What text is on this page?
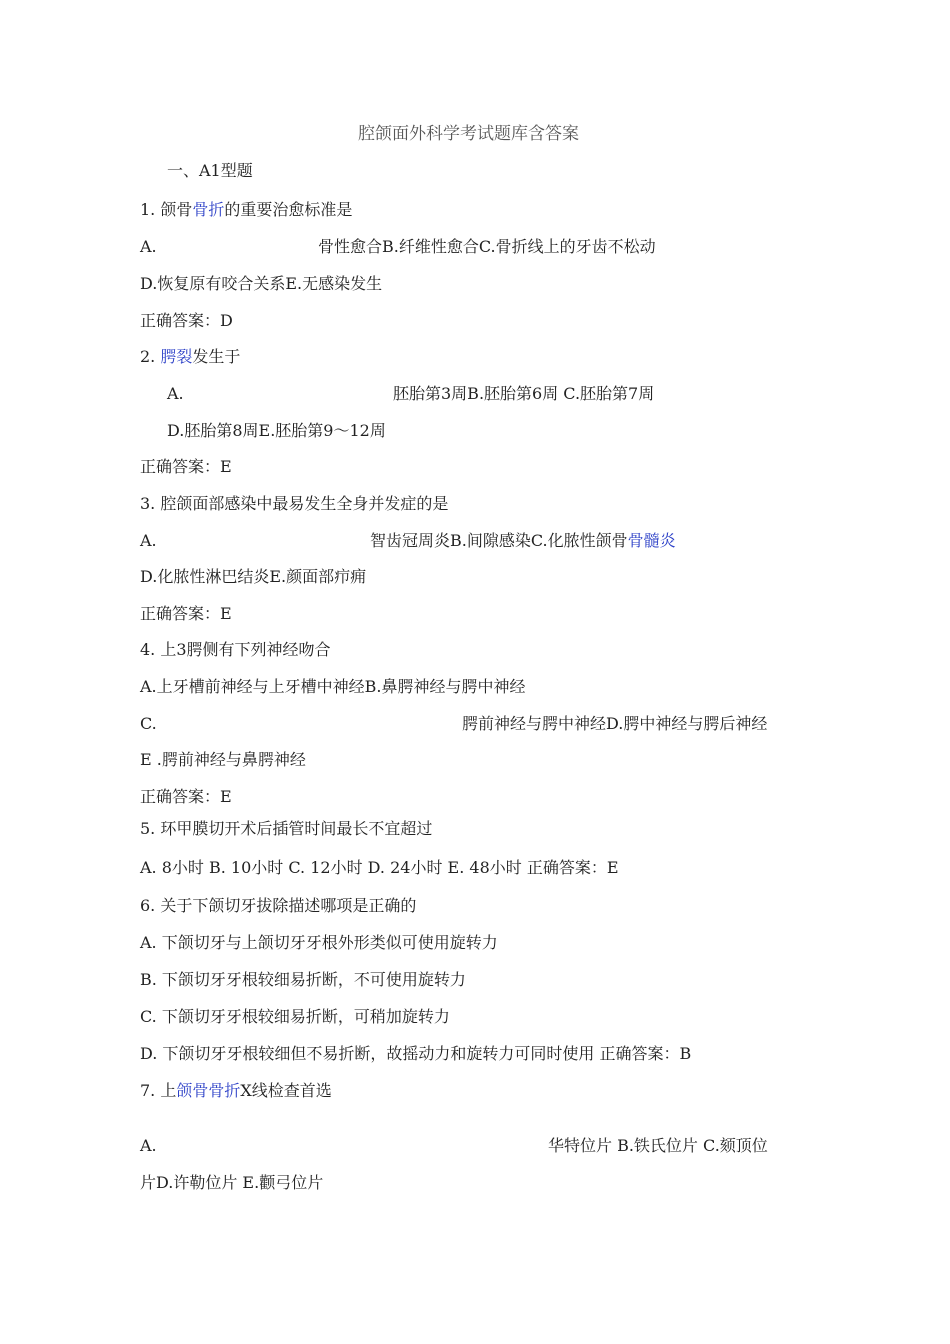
腔颌面外科学考试题库含答案
一、A1型题
1. 颌骨骨折的重要治愈标准是
A.	骨性愈合B.纤维性愈合C.骨折线上的牙齿不松动
D.恢复原有咬合关系E.无感染发生
正确答案：D
2. 腭裂发生于
A.	胚胎第3周B.胚胎第6周 C.胚胎第7周
D.胚胎第8周E.胚胎第9〜12周
正确答案：E
3. 腔颌面部感染中最易发生全身并发症的是
A.	智齿冠周炎B.间隙感染C.化脓性颌骨骨髓炎
D.化脓性淋巴结炎E.颜面部疖痈
正确答案：E
4. 上3腭侧有下列神经吻合
A.上牙槽前神经与上牙槽中神经B.鼻腭神经与腭中神经
C.	腭前神经与腭中神经D.腭中神经与腭后神经
E .腭前神经与鼻腭神经
正确答案：E
5. 环甲膜切开术后插管时间最长不宜超过
A. 8小时 B. 10小时 C. 12小时 D. 24小时 E. 48小时 正确答案：E
6. 关于下颌切牙拔除描述哪项是正确的
A. 下颌切牙与上颌切牙牙根外形类似可使用旋转力
B. 下颌切牙牙根较细易折断，不可使用旋转力
C. 下颌切牙牙根较细易折断，可稍加旋转力
D. 下颌切牙牙根较细但不易折断，故摇动力和旋转力可同时使用 正确答案：B
7. 上颌骨骨折X线检查首选
A.	华特位片 B.铁氏位片 C.颏顶位
片D.许勒位片 E.颧弓位片
